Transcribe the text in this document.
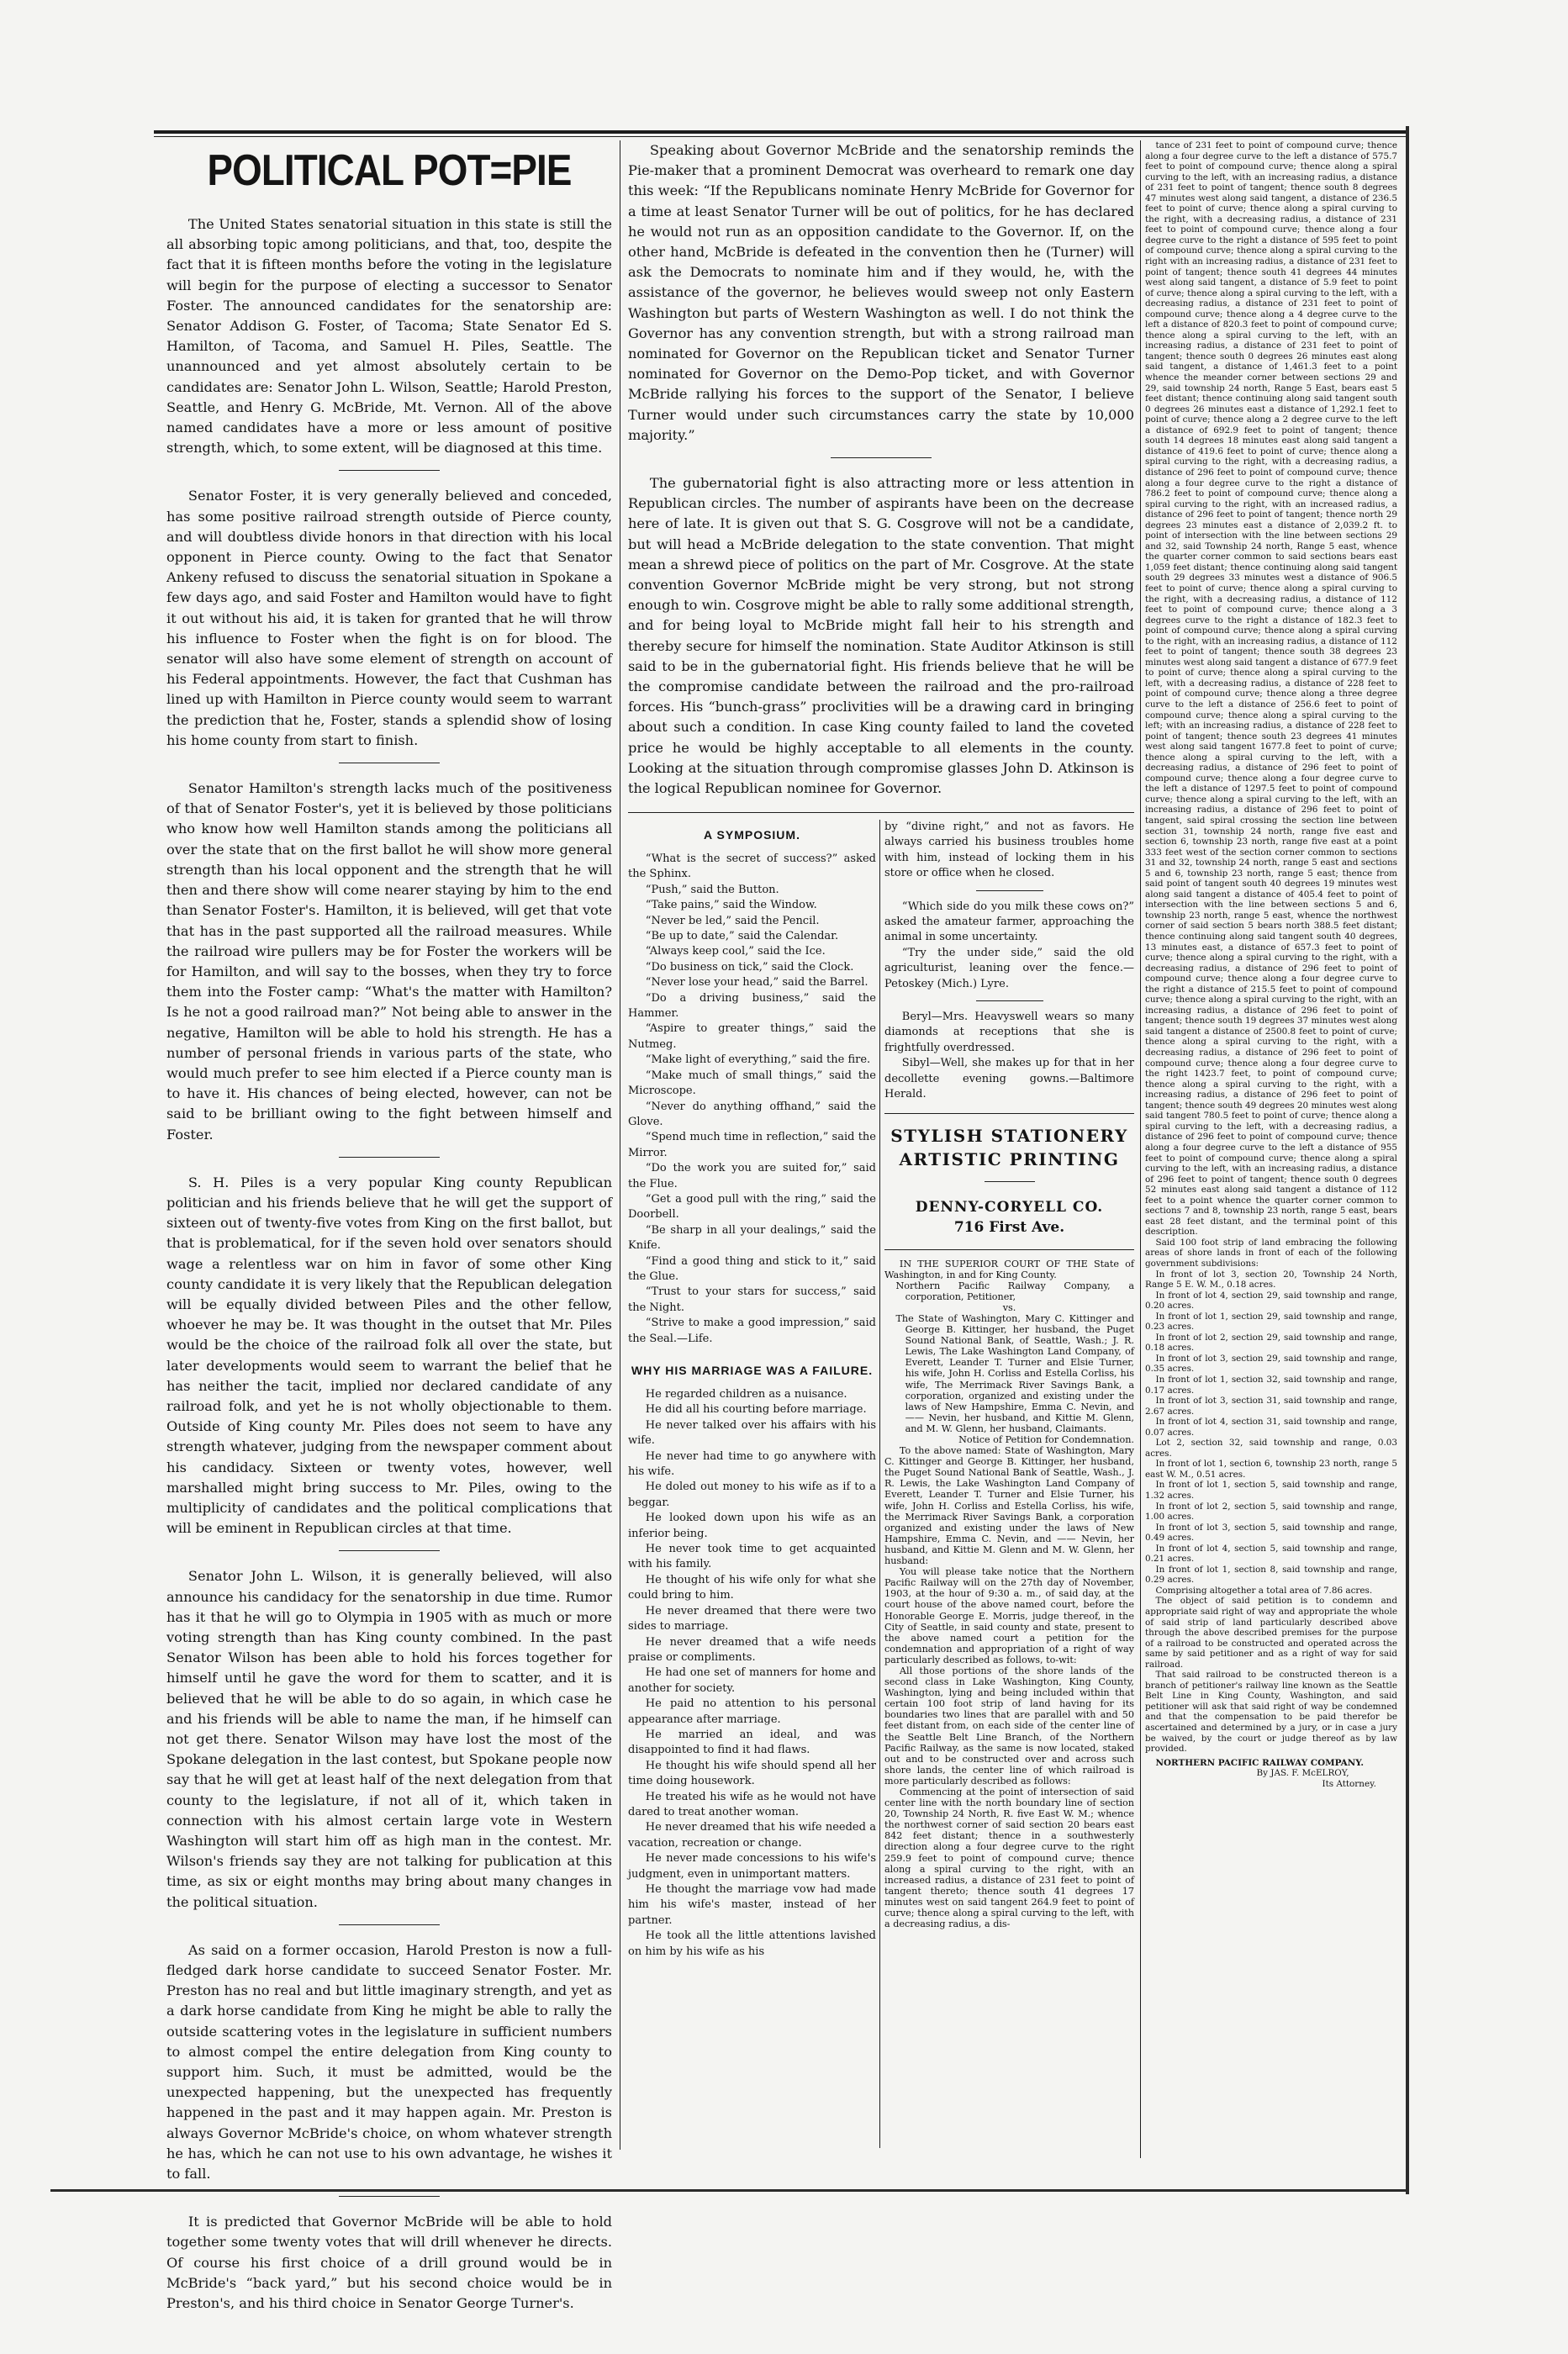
POLITICAL POT=PIE

The United States senatorial situation in this state is still the all absorbing topic among politicians, and that, too, despite the fact that it is fifteen months before the voting in the legislature will begin for the purpose of electing a successor to Senator Foster. The announced candidates for the senatorship are: Senator Addison G. Foster, of Tacoma; State Senator Ed S. Hamilton, of Tacoma, and Samuel H. Piles, Seattle. The unannounced and yet almost absolutely certain to be candidates are: Senator John L. Wilson, Seattle; Harold Preston, Seattle, and Henry G. McBride, Mt. Vernon. All of the above named candidates have a more or less amount of positive strength, which, to some extent, will be diagnosed at this time.

Senator Foster, it is very generally believed and conceded, has some positive railroad strength outside of Pierce county, and will doubtless divide honors in that direction with his local opponent in Pierce county. Owing to the fact that Senator Ankeny refused to discuss the senatorial situation in Spokane a few days ago, and said Foster and Hamilton would have to fight it out without his aid, it is taken for granted that he will throw his influence to Foster when the fight is on for blood. The senator will also have some element of strength on account of his Federal appointments. However, the fact that Cushman has lined up with Hamilton in Pierce county would seem to warrant the prediction that he, Foster, stands a splendid show of losing his home county from start to finish.

Senator Hamilton's strength lacks much of the positiveness of that of Senator Foster's, yet it is believed by those politicians who know how well Hamilton stands among the politicians all over the state that on the first ballot he will show more general strength than his local opponent and the strength that he will then and there show will come nearer staying by him to the end than Senator Foster's. Hamilton, it is believed, will get that vote that has in the past supported all the railroad measures. While the railroad wire pullers may be for Foster the workers will be for Hamilton, and will say to the bosses, when they try to force them into the Foster camp: “What's the matter with Hamilton? Is he not a good railroad man?” Not being able to answer in the negative, Hamilton will be able to hold his strength. He has a number of personal friends in various parts of the state, who would much prefer to see him elected if a Pierce county man is to have it. His chances of being elected, however, can not be said to be brilliant owing to the fight between himself and Foster.

S. H. Piles is a very popular King county Republican politician and his friends believe that he will get the support of sixteen out of twenty-five votes from King on the first ballot, but that is problematical, for if the seven hold over senators should wage a relentless war on him in favor of some other King county candidate it is very likely that the Republican delegation will be equally divided between Piles and the other fellow, whoever he may be. It was thought in the outset that Mr. Piles would be the choice of the railroad folk all over the state, but later developments would seem to warrant the belief that he has neither the tacit, implied nor declared candidate of any railroad folk, and yet he is not wholly objectionable to them. Outside of King county Mr. Piles does not seem to have any strength whatever, judging from the newspaper comment about his candidacy. Sixteen or twenty votes, however, well marshalled might bring success to Mr. Piles, owing to the multiplicity of candidates and the political complications that will be eminent in Republican circles at that time.

Senator John L. Wilson, it is generally believed, will also announce his candidacy for the senatorship in due time. Rumor has it that he will go to Olympia in 1905 with as much or more voting strength than has King county combined. In the past Senator Wilson has been able to hold his forces together for himself until he gave the word for them to scatter, and it is believed that he will be able to do so again, in which case he and his friends will be able to name the man, if he himself can not get there. Senator Wilson may have lost the most of the Spokane delegation in the last contest, but Spokane people now say that he will get at least half of the next delegation from that county to the legislature, if not all of it, which taken in connection with his almost certain large vote in Western Washington will start him off as high man in the contest. Mr. Wilson's friends say they are not talking for publication at this time, as six or eight months may bring about many changes in the political situation.

As said on a former occasion, Harold Preston is now a full-fledged dark horse candidate to succeed Senator Foster. Mr. Preston has no real and but little imaginary strength, and yet as a dark horse candidate from King he might be able to rally the outside scattering votes in the legislature in sufficient numbers to almost compel the entire delegation from King county to support him. Such, it must be admitted, would be the unexpected happening, but the unexpected has frequently happened in the past and it may happen again. Mr. Preston is always Governor McBride's choice, on whom whatever strength he has, which he can not use to his own advantage, he wishes it to fall.

It is predicted that Governor McBride will be able to hold together some twenty votes that will drill whenever he directs. Of course his first choice of a drill ground would be in McBride's “back yard,” but his second choice would be in Preston's, and his third choice in Senator George Turner's.

Speaking about Governor McBride and the senatorship reminds the Pie-maker that a prominent Democrat was overheard to remark one day this week: “If the Republicans nominate Henry McBride for Governor for a time at least Senator Turner will be out of politics, for he has declared he would not run as an opposition candidate to the Governor. If, on the other hand, McBride is defeated in the convention then he (Turner) will ask the Democrats to nominate him and if they would, he, with the assistance of the governor, he believes would sweep not only Eastern Washington but parts of Western Washington as well. I do not think the Governor has any convention strength, but with a strong railroad man nominated for Governor on the Republican ticket and Senator Turner nominated for Governor on the Demo-Pop ticket, and with Governor McBride rallying his forces to the support of the Senator, I believe Turner would under such circumstances carry the state by 10,000 majority.”

The gubernatorial fight is also attracting more or less attention in Republican circles. The number of aspirants have been on the decrease here of late. It is given out that S. G. Cosgrove will not be a candidate, but will head a McBride delegation to the state convention. That might mean a shrewd piece of politics on the part of Mr. Cosgrove. At the state convention Governor McBride might be very strong, but not strong enough to win. Cosgrove might be able to rally some additional strength, and for being loyal to McBride might fall heir to his strength and thereby secure for himself the nomination. State Auditor Atkinson is still said to be in the gubernatorial fight. His friends believe that he will be the compromise candidate between the railroad and the pro-railroad forces. His “bunch-grass” proclivities will be a drawing card in bringing about such a condition. In case King county failed to land the coveted price he would be highly acceptable to all elements in the county. Looking at the situation through compromise glasses John D. Atkinson is the logical Republican nominee for Governor.

A SYMPOSIUM.

“What is the secret of success?” asked the Sphinx.

“Push,” said the Button.

“Take pains,” said the Window.

“Never be led,” said the Pencil.

“Be up to date,” said the Calendar.

“Always keep cool,” said the Ice.

“Do business on tick,” said the Clock.

“Never lose your head,” said the Barrel.

“Do a driving business,” said the Hammer.

“Aspire to greater things,” said the Nutmeg.

“Make light of everything,” said the fire.

“Make much of small things,” said the Microscope.

“Never do anything offhand,” said the Glove.

“Spend much time in reflection,” said the Mirror.

“Do the work you are suited for,” said the Flue.

“Get a good pull with the ring,” said the Doorbell.

“Be sharp in all your dealings,” said the Knife.

“Find a good thing and stick to it,” said the Glue.

“Trust to your stars for success,” said the Night.

“Strive to make a good impression,” said the Seal.—Life.

WHY HIS MARRIAGE WAS A FAILURE.

He regarded children as a nuisance.

He did all his courting before marriage.

He never talked over his affairs with his wife.

He never had time to go anywhere with his wife.

He doled out money to his wife as if to a beggar.

He looked down upon his wife as an inferior being.

He never took time to get acquainted with his family.

He thought of his wife only for what she could bring to him.

He never dreamed that there were two sides to marriage.

He never dreamed that a wife needs praise or compliments.

He had one set of manners for home and another for society.

He paid no attention to his personal appearance after marriage.

He married an ideal, and was disappointed to find it had flaws.

He thought his wife should spend all her time doing housework.

He treated his wife as he would not have dared to treat another woman.

He never dreamed that his wife needed a vacation, recreation or change.

He never made concessions to his wife's judgment, even in unimportant matters.

He thought the marriage vow had made him his wife's master, instead of her partner.

He took all the little attentions lavished on him by his wife as his

by “divine right,” and not as favors. He always carried his business troubles home with him, instead of locking them in his store or office when he closed.

“Which side do you milk these cows on?” asked the amateur farmer, approaching the animal in some uncertainty.

“Try the under side,” said the old agriculturist, leaning over the fence.—Petoskey (Mich.) Lyre.

Beryl—Mrs. Heavyswell wears so many diamonds at receptions that she is frightfully overdressed.

Sibyl—Well, she makes up for that in her decollette evening gowns.—Baltimore Herald.

STYLISH STATIONERY
ARTISTIC PRINTING
DENNY-CORYELL CO.
716 First Ave.

IN THE SUPERIOR COURT OF THE State of Washington, in and for King County.

Northern Pacific Railway Company, a corporation, Petitioner,

vs.

The State of Washington, Mary C. Kittinger and George B. Kittinger, her husband, the Puget Sound National Bank, of Seattle, Wash.; J. R. Lewis, The Lake Washington Land Company, of Everett, Leander T. Turner and Elsie Turner, his wife, John H. Corliss and Estella Corliss, his wife, The Merrimack River Savings Bank, a corporation, organized and existing under the laws of New Hampshire, Emma C. Nevin, and —— Nevin, her husband, and Kittie M. Glenn, and M. W. Glenn, her husband, Claimants.

Notice of Petition for Condemnation.

To the above named: State of Washington, Mary C. Kittinger and George B. Kittinger, her husband, the Puget Sound National Bank of Seattle, Wash., J. R. Lewis, the Lake Washington Land Company of Everett, Leander T. Turner and Elsie Turner, his wife, John H. Corliss and Estella Corliss, his wife, the Merrimack River Savings Bank, a corporation organized and existing under the laws of New Hampshire, Emma C. Nevin, and —— Nevin, her husband, and Kittie M. Glenn and M. W. Glenn, her husband:

You will please take notice that the Northern Pacific Railway will on the 27th day of November, 1903, at the hour of 9:30 a. m., of said day, at the court house of the above named court, before the Honorable George E. Morris, judge thereof, in the City of Seattle, in said county and state, present to the above named court a petition for the condemnation and appropriation of a right of way particularly described as follows, to-wit:

All those portions of the shore lands of the second class in Lake Washington, King County, Washington, lying and being included within that certain 100 foot strip of land having for its boundaries two lines that are parallel with and 50 feet distant from, on each side of the center line of the Seattle Belt Line Branch, of the Northern Pacific Railway, as the same is now located, staked out and to be constructed over and across such shore lands, the center line of which railroad is more particularly described as follows:

Commencing at the point of intersection of said center line with the north boundary line of section 20, Township 24 North, R. five East W. M.; whence the northwest corner of said section 20 bears east 842 feet distant; thence in a southwesterly direction along a four degree curve to the right 259.9 feet to point of compound curve; thence along a spiral curving to the right, with an increased radius, a distance of 231 feet to point of tangent thereto; thence south 41 degrees 17 minutes west on said tangent 264.9 feet to point of curve; thence along a spiral curving to the left, with a decreasing radius, a dis-

tance of 231 feet to point of compound curve; thence along a four degree curve to the left a distance of 575.7 feet to point of compound curve; thence along a spiral curving to the left, with an increasing radius, a distance of 231 feet to point of tangent; thence south 8 degrees 47 minutes west along said tangent, a distance of 236.5 feet to point of curve; thence along a spiral curving to the right, with a decreasing radius, a distance of 231 feet to point of compound curve; thence along a four degree curve to the right a distance of 595 feet to point of compound curve; thence along a spiral curving to the right with an increasing radius, a distance of 231 feet to point of tangent; thence south 41 degrees 44 minutes west along said tangent, a distance of 5.9 feet to point of curve; thence along a spiral curving to the left, with a decreasing radius, a distance of 231 feet to point of compound curve; thence along a 4 degree curve to the left a distance of 820.3 feet to point of compound curve; thence along a spiral curving to the left, with an increasing radius, a distance of 231 feet to point of tangent; thence south 0 degrees 26 minutes east along said tangent, a distance of 1,461.3 feet to a point whence the meander corner between sections 29 and 29, said township 24 north, Range 5 East, bears east 5 feet distant; thence continuing along said tangent south 0 degrees 26 minutes east a distance of 1,292.1 feet to point of curve; thence along a 2 degree curve to the left a distance of 692.9 feet to point of tangent; thence south 14 degrees 18 minutes east along said tangent a distance of 419.6 feet to point of curve; thence along a spiral curving to the right, with a decreasing radius, a distance of 296 feet to point of compound curve; thence along a four degree curve to the right a distance of 786.2 feet to point of compound curve; thence along a spiral curving to the right, with an increased radius, a distance of 296 feet to point of tangent; thence north 29 degrees 23 minutes east a distance of 2,039.2 ft. to point of intersection with the line between sections 29 and 32, said Township 24 north, Range 5 east, whence the quarter corner common to said sections bears east 1,059 feet distant; thence continuing along said tangent south 29 degrees 33 minutes west a distance of 906.5 feet to point of curve; thence along a spiral curving to the right, with a decreasing radius, a distance of 112 feet to point of compound curve; thence along a 3 degrees curve to the right a distance of 182.3 feet to point of compound curve; thence along a spiral curving to the right, with an increasing radius, a distance of 112 feet to point of tangent; thence south 38 degrees 23 minutes west along said tangent a distance of 677.9 feet to point of curve; thence along a spiral curving to the left, with a decreasing radius, a distance of 228 feet to point of compound curve; thence along a three degree curve to the left a distance of 256.6 feet to point of compound curve; thence along a spiral curving to the left; with an increasing radius, a distance of 228 feet to point of tangent; thence south 23 degrees 41 minutes west along said tangent 1677.8 feet to point of curve; thence along a spiral curving to the left, with a decreasing radius, a distance of 296 feet to point of compound curve; thence along a four degree curve to the left a distance of 1297.5 feet to point of compound curve; thence along a spiral curving to the left, with an increasing radius, a distance of 296 feet to point of tangent, said spiral crossing the section line between section 31, township 24 north, range five east and section 6, township 23 north, range five east at a point 333 feet west of the section corner common to sections 31 and 32, township 24 north, range 5 east and sections 5 and 6, township 23 north, range 5 east; thence from said point of tangent south 40 degrees 19 minutes west along said tangent a distance of 405.4 feet to point of intersection with the line between sections 5 and 6, township 23 north, range 5 east, whence the northwest corner of said section 5 bears north 388.5 feet distant; thence continuing along said tangent south 40 degrees, 13 minutes east, a distance of 657.3 feet to point of curve; thence along a spiral curving to the right, with a decreasing radius, a distance of 296 feet to point of compound curve; thence along a four degree curve to the right a distance of 215.5 feet to point of compound curve; thence along a spiral curving to the right, with an increasing radius, a distance of 296 feet to point of tangent; thence south 19 degrees 37 minutes west along said tangent a distance of 2500.8 feet to point of curve; thence along a spiral curving to the right, with a decreasing radius, a distance of 296 feet to point of compound curve; thence along a four degree curve to the right 1423.7 feet, to point of compound curve; thence along a spiral curving to the right, with a increasing radius, a distance of 296 feet to point of tangent; thence south 49 degrees 20 minutes west along said tangent 780.5 feet to point of curve; thence along a spiral curving to the left, with a decreasing radius, a distance of 296 feet to point of compound curve; thence along a four degree curve to the left a distance of 955 feet to point of compound curve; thence along a spiral curving to the left, with an increasing radius, a distance of 296 feet to point of tangent; thence south 0 degrees 52 minutes east along said tangent a distance of 112 feet to a point whence the quarter corner common to sections 7 and 8, township 23 north, range 5 east, bears east 28 feet distant, and the terminal point of this description.

Said 100 foot strip of land embracing the following areas of shore lands in front of each of the following government subdivisions:

In front of lot 3, section 20, Township 24 North, Range 5 E. W. M., 0.18 acres.

In front of lot 4, section 29, said township and range, 0.20 acres.

In front of lot 1, section 29, said township and range, 0.23 acres.

In front of lot 2, section 29, said township and range, 0.18 acres.

In front of lot 3, section 29, said township and range, 0.35 acres.

In front of lot 1, section 32, said township and range, 0.17 acres.

In front of lot 3, section 31, said township and range, 2.67 acres.

In front of lot 4, section 31, said township and range, 0.07 acres.

Lot 2, section 32, said township and range, 0.03 acres.

In front of lot 1, section 6, township 23 north, range 5 east W. M., 0.51 acres.

In front of lot 1, section 5, said township and range, 1.32 acres.

In front of lot 2, section 5, said township and range, 1.00 acres.

In front of lot 3, section 5, said township and range, 0.49 acres.

In front of lot 4, section 5, said township and range, 0.21 acres.

In front of lot 1, section 8, said township and range, 0.29 acres.

Comprising altogether a total area of 7.86 acres.

The object of said petition is to condemn and appropriate said right of way and appropriate the whole of said strip of land particularly described above through the above described premises for the purpose of a railroad to be constructed and operated across the same by said petitioner and as a right of way for said railroad.

That said railroad to be constructed thereon is a branch of petitioner's railway line known as the Seattle Belt Line in King County, Washington, and said petitioner will ask that said right of way be condemned and that the compensation to be paid therefor be ascertained and determined by a jury, or in case a jury be waived, by the court or judge thereof as by law provided.

NORTHERN PACIFIC RAILWAY COMPANY.

By JAS. F. McELROY,

Its Attorney.
